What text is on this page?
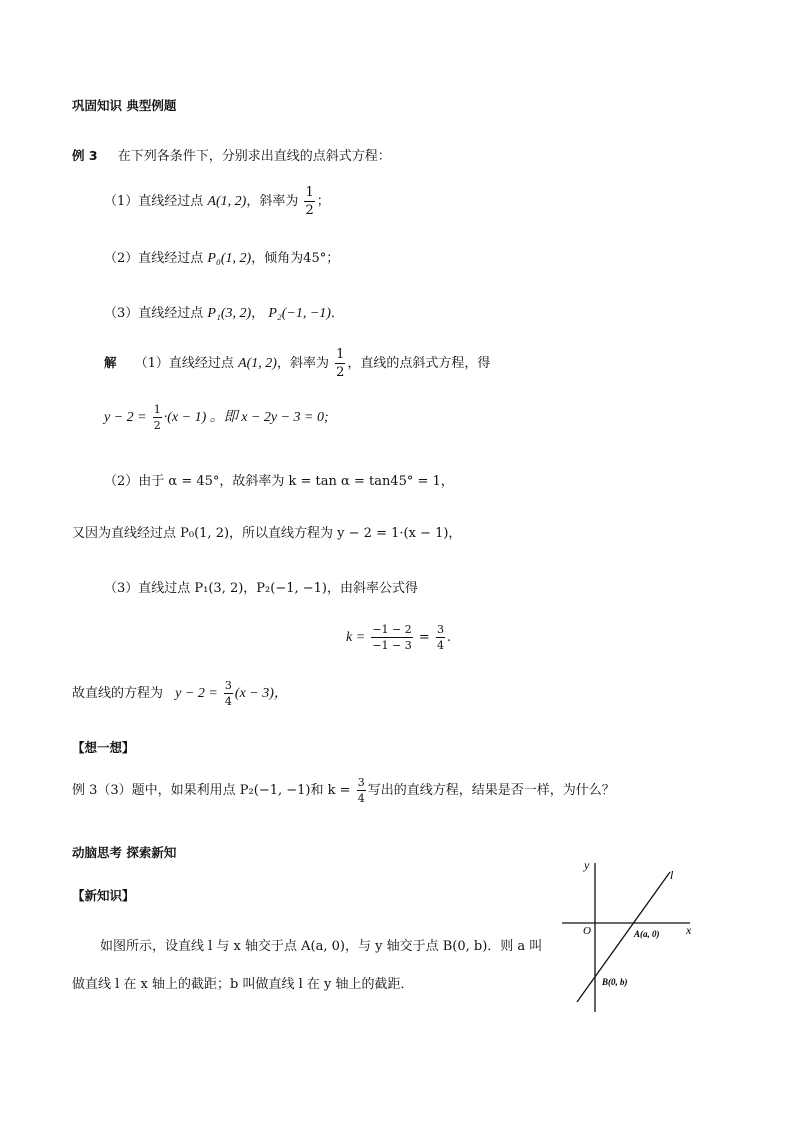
巩固知识 典型例题
例 3 在下列各条件下，分别求出直线的点斜式方程：
（1）直线经过点 A(1, 2)，斜率为 $\frac{1}{2}$ ；
（2）直线经过点 P₀(1, 2)，倾角为45°；
（3）直线经过点 P₁(3, 2)， P₂(−1, −1)．
解 （1）直线经过点 A(1, 2)，斜率为 $\frac{1}{2}$ ，直线的点斜式方程，得
$y - 2 = \frac{1}{2} \cdot(x - 1)$ 。即 x − 2y − 3 = 0;
（2）由于 α = 45°，故斜率为 k = tan α = tan45° = 1，
又因为直线经过点 P₀(1, 2)，所以直线方程为 y − 2 = 1·(x − 1)，
（3）直线过点 P₁(3, 2)，P₂(−1, −1)，由斜率公式得
$k = \frac{-1 - 2}{-1 - 3} = \frac{3}{4}$ .
故直线的方程为 $y - 2 = \frac{3}{4} (x - 3)$，
【想一想】
例 3（3）题中，如果利用点 P₂(−1, −1)和 $k = \frac{3}{4}$ 写出的直线方程，结果是否一样，为什么？
动脑思考 探索新知
【新知识】
如图所示，设直线 l 与 x 轴交于点 A(a, 0)，与 y 轴交于点 B(0, b)．则 a 叫
做直线 l 在 x 轴上的截距；b 叫做直线 l 在 y 轴上的截距．
y
x
l
O	A(a, 0)
B(0, b)
